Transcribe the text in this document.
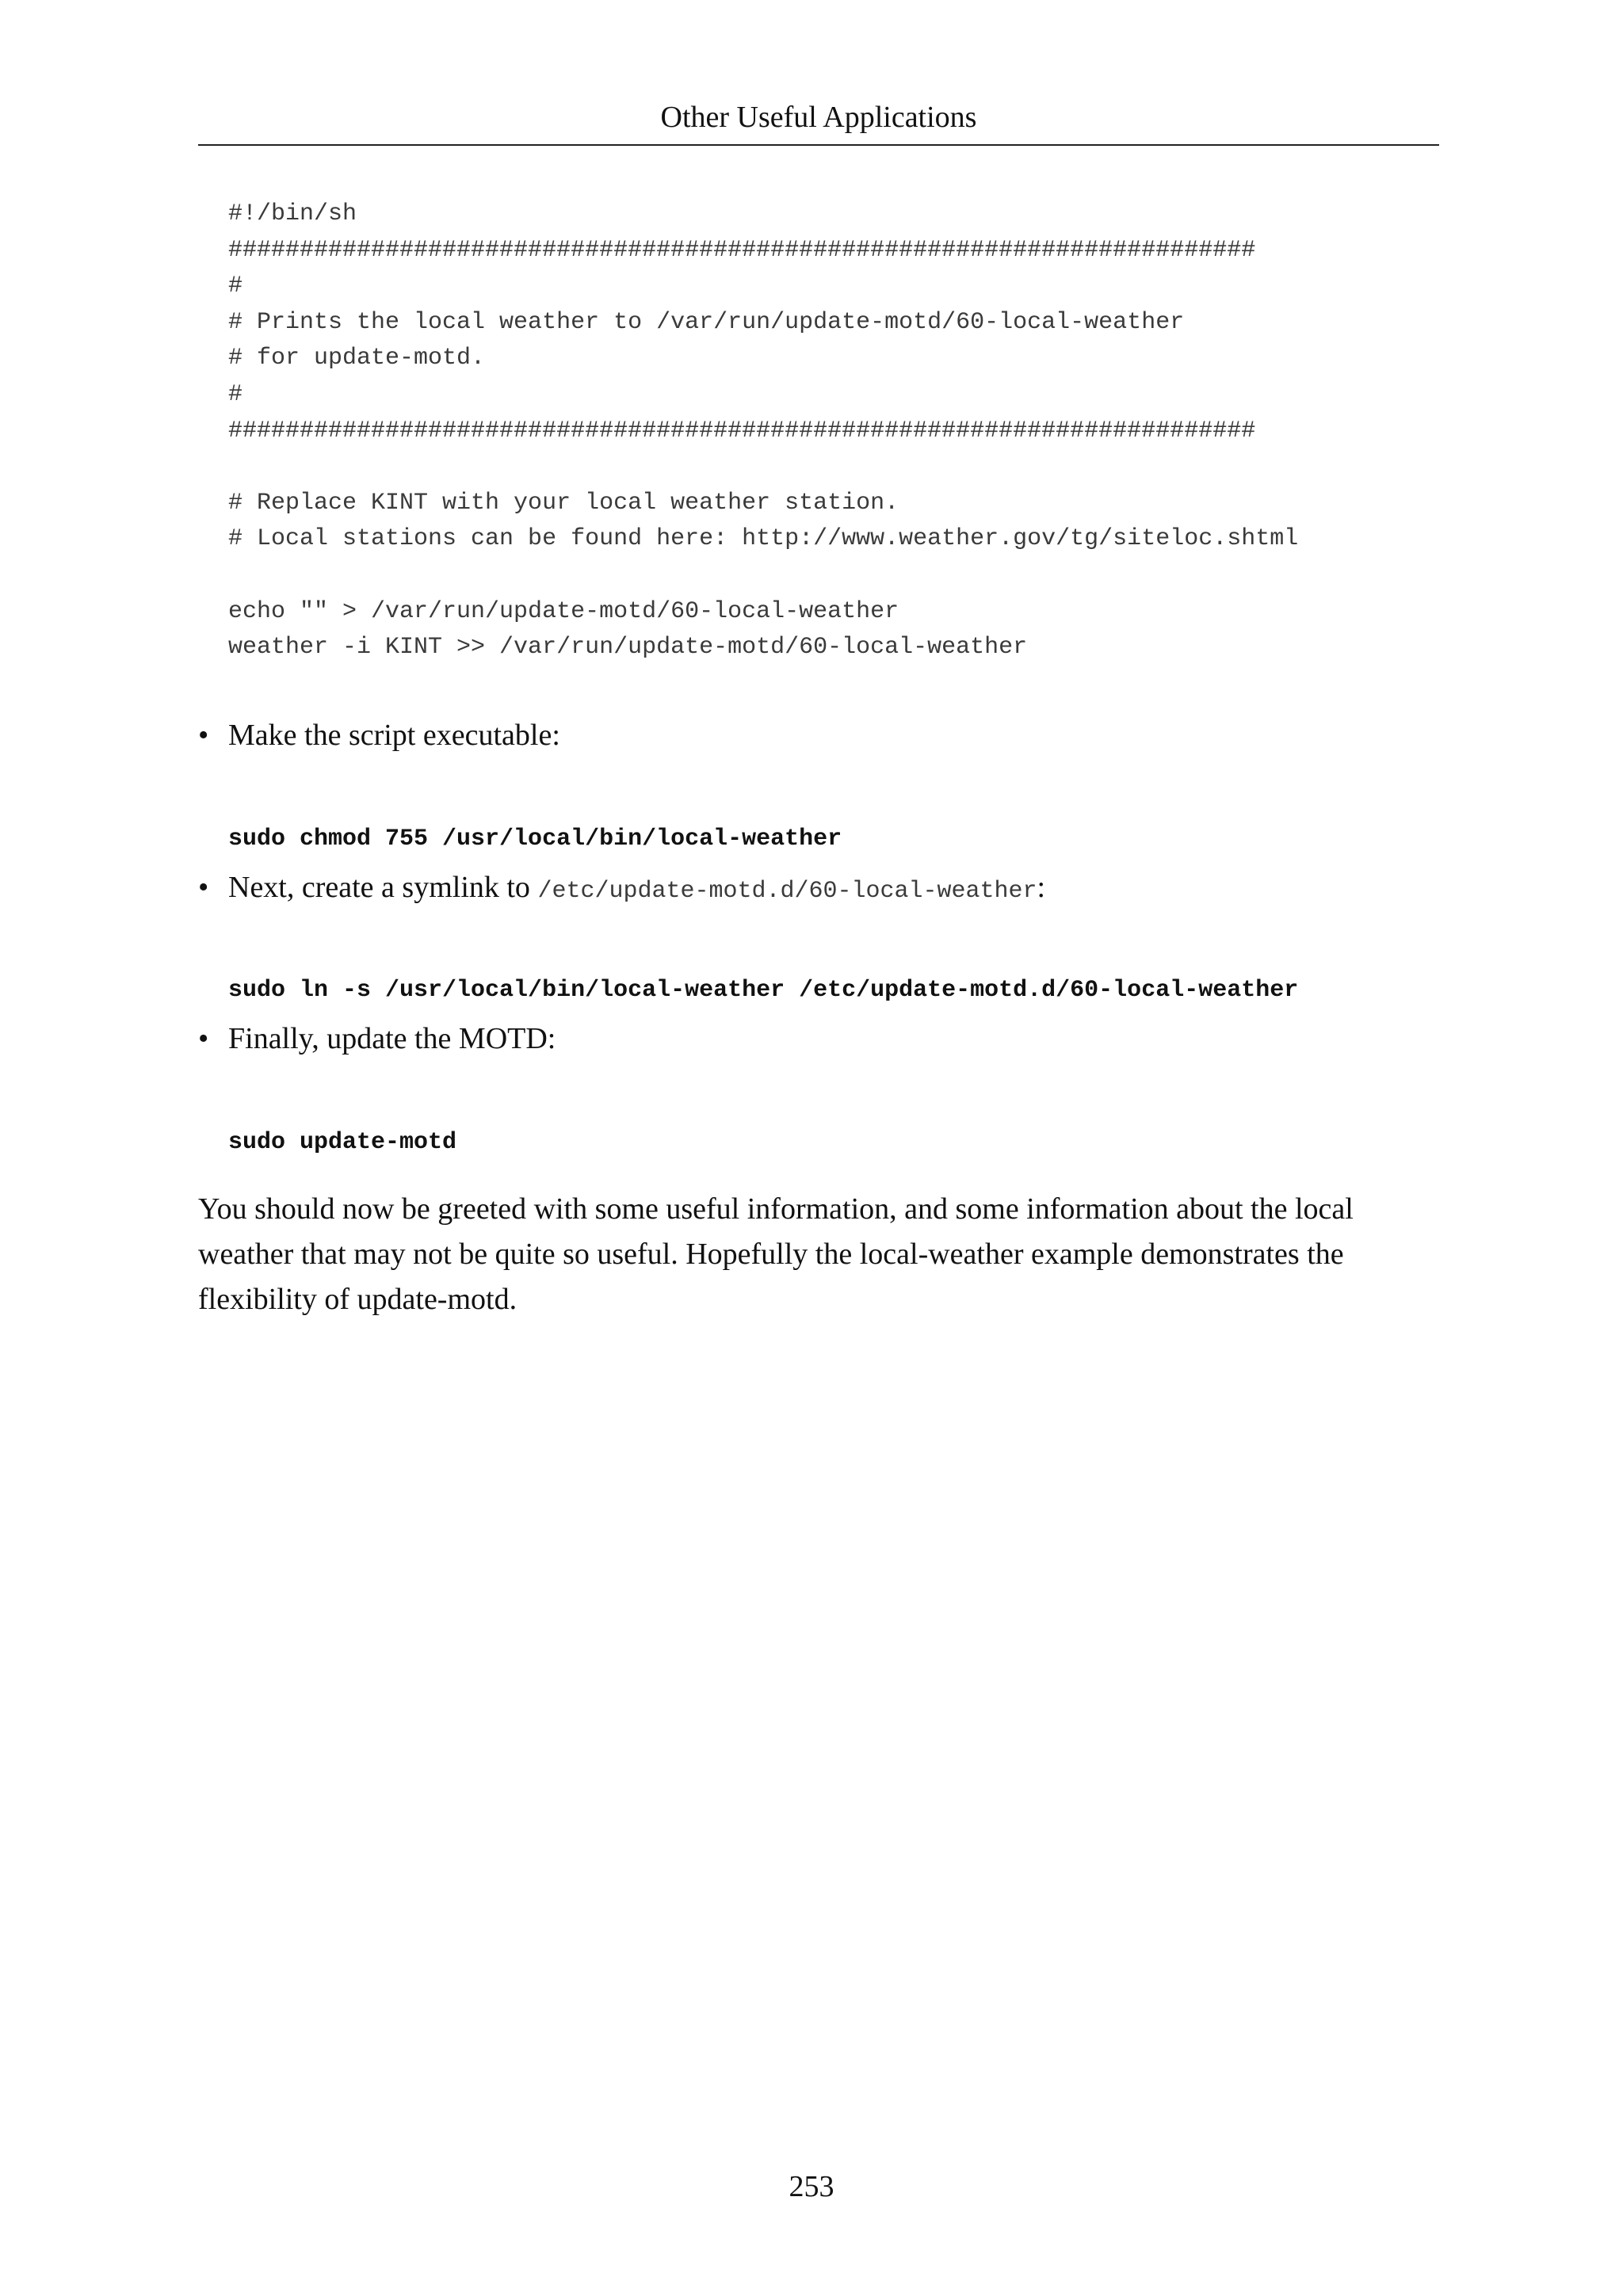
Other Useful Applications
#!/bin/sh
########################################################################
#
# Prints the local weather to /var/run/update-motd/60-local-weather
# for update-motd.
#
########################################################################

# Replace KINT with your local weather station.
# Local stations can be found here: http://www.weather.gov/tg/siteloc.shtml

echo "" > /var/run/update-motd/60-local-weather
weather -i KINT >> /var/run/update-motd/60-local-weather
• Make the script executable:
sudo chmod 755 /usr/local/bin/local-weather
• Next, create a symlink to /etc/update-motd.d/60-local-weather:
sudo ln -s /usr/local/bin/local-weather /etc/update-motd.d/60-local-weather
• Finally, update the MOTD:
sudo update-motd

You should now be greeted with some useful information, and some information about the local weather that may not be quite so useful. Hopefully the local-weather example demonstrates the flexibility of update-motd.

253
